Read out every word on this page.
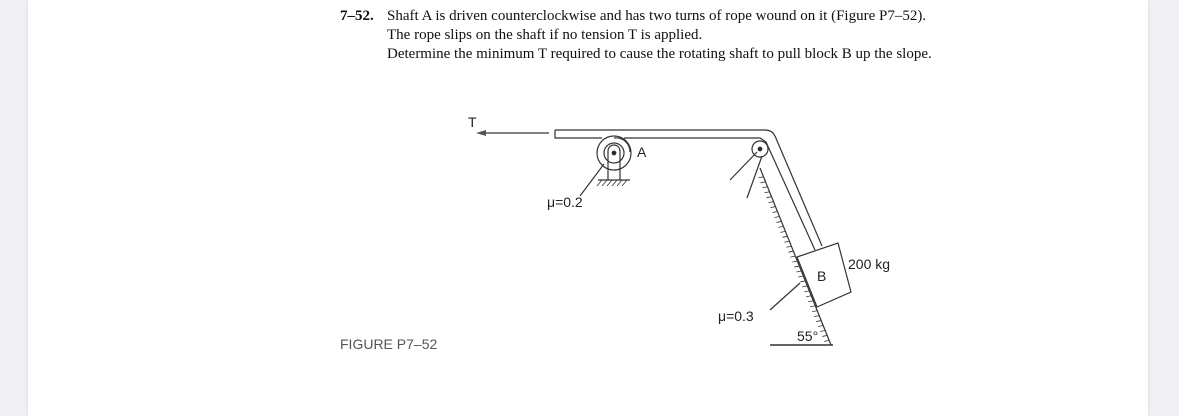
7–52. Shaft A is driven counterclockwise and has two turns of rope wound on it (Figure P7–52).
The rope slips on the shaft if no tension T is applied.
Determine the minimum T required to cause the rotating shaft to pull block B up the slope.
FIGURE P7–52
T
A
μ=0.2
55°
B
200 kg
μ=0.3
